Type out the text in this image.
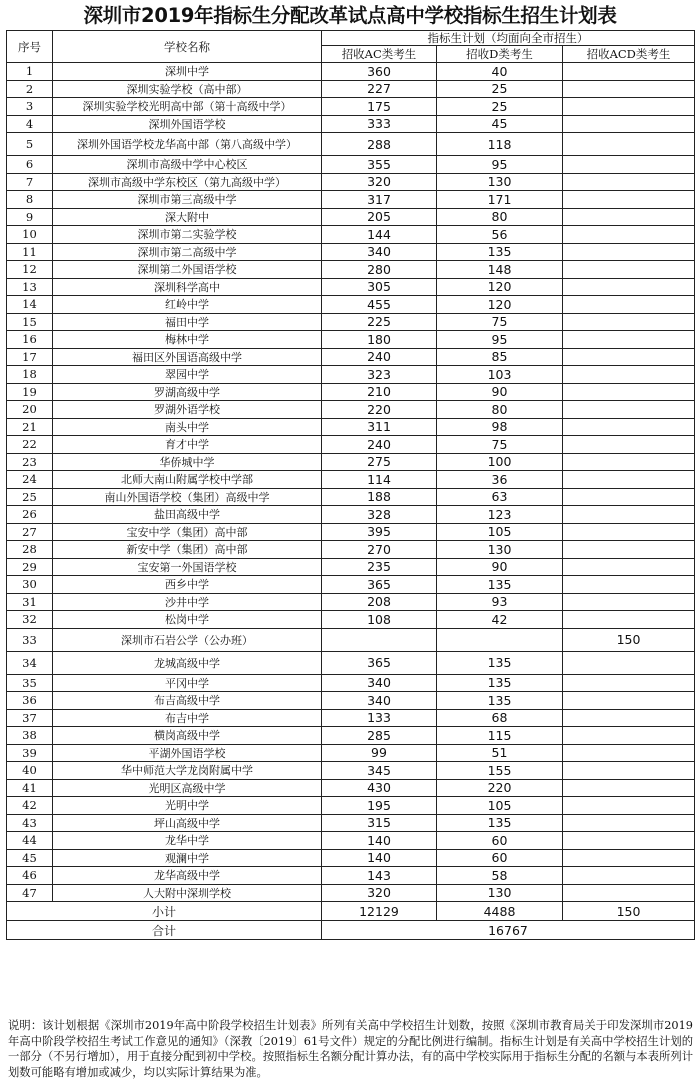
深圳市2019年指标生分配改革试点高中学校指标生招生计划表
序号	学校名称	指标生计划（均面向全市招生）		
		招收AC类考生	招收D类考生	招收ACD类考生
1	深圳中学	360	40	
2	深圳实验学校（高中部）	227	25	
3	深圳实验学校光明高中部（第十高级中学）	175	25	
4	深圳外国语学校	333	45	
5	深圳外国语学校龙华高中部（第八高级中学）	288	118	
6	深圳市高级中学中心校区	355	95	
7	深圳市高级中学东校区（第九高级中学）	320	130	
8	深圳市第三高级中学	317	171	
9	深大附中	205	80	
10	深圳市第二实验学校	144	56	
11	深圳市第二高级中学	340	135	
12	深圳第二外国语学校	280	148	
13	深圳科学高中	305	120	
14	红岭中学	455	120	
15	福田中学	225	75	
16	梅林中学	180	95	
17	福田区外国语高级中学	240	85	
18	翠园中学	323	103	
19	罗湖高级中学	210	90	
20	罗湖外语学校	220	80	
21	南头中学	311	98	
22	育才中学	240	75	
23	华侨城中学	275	100	
24	北师大南山附属学校中学部	114	36	
25	南山外国语学校（集团）高级中学	188	63	
26	盐田高级中学	328	123	
27	宝安中学（集团）高中部	395	105	
28	新安中学（集团）高中部	270	130	
29	宝安第一外国语学校	235	90	
30	西乡中学	365	135	
31	沙井中学	208	93	
32	松岗中学	108	42	
33	深圳市石岩公学（公办班）			150
34	龙城高级中学	365	135	
35	平冈中学	340	135	
36	布吉高级中学	340	135	
37	布吉中学	133	68	
38	横岗高级中学	285	115	
39	平湖外国语学校	99	51	
40	华中师范大学龙岗附属中学	345	155	
41	光明区高级中学	430	220	
42	光明中学	195	105	
43	坪山高级中学	315	135	
44	龙华中学	140	60	
45	观澜中学	140	60	
46	龙华高级中学	143	58	
47	人大附中深圳学校	320	130	
小计		12129	4488	150
合计		16767		
说明：该计划根据《深圳市2019年高中阶段学校招生计划表》所列有关高中学校招生计划数，按照《深圳市教育局关于印发深圳市2019年高中阶段学校招生考试工作意见的通知》（深教〔2019〕61号文件）规定的分配比例进行编制。指标生计划是有关高中学校招生计划的一部分（不另行增加），用于直接分配到初中学校。按照指标生名额分配计算办法，有的高中学校实际用于指标生分配的名额与本表所列计划数可能略有增加或减少，均以实际计算结果为准。
